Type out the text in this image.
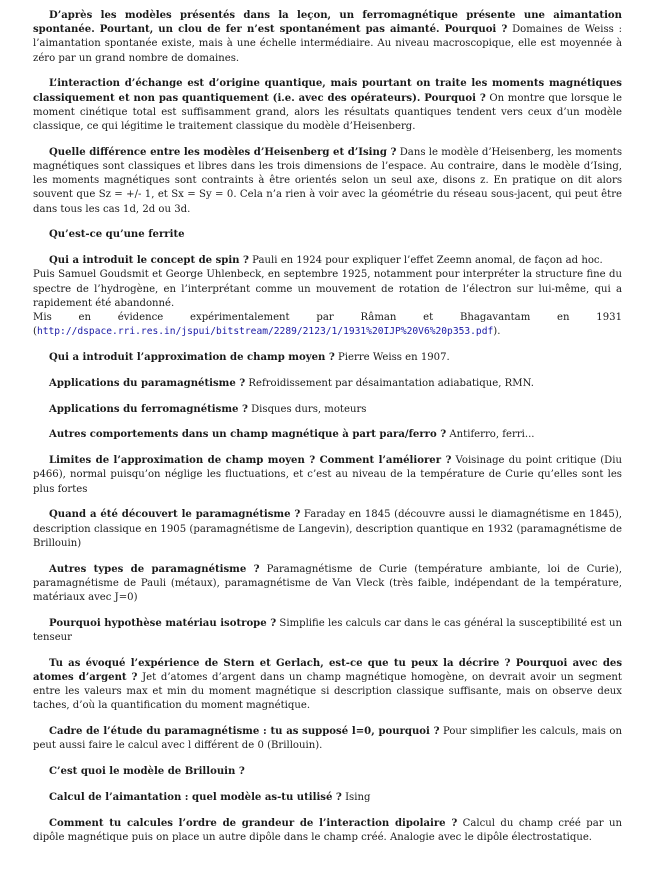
D’après les modèles présentés dans la leçon, un ferromagnétique présente une aimantation spontanée. Pourtant, un clou de fer n’est spontanément pas aimanté. Pourquoi ? Domaines de Weiss : l’aimantation spontanée existe, mais à une échelle intermédiaire. Au niveau macroscopique, elle est moyennée à zéro par un grand nombre de domaines.

L’interaction d’échange est d’origine quantique, mais pourtant on traite les moments magnétiques classiquement et non pas quantiquement (i.e. avec des opérateurs). Pourquoi ? On montre que lorsque le moment cinétique total est suffisamment grand, alors les résultats quantiques tendent vers ceux d’un modèle classique, ce qui légitime le traitement classique du modèle d’Heisenberg.

Quelle différence entre les modèles d’Heisenberg et d’Ising ? Dans le modèle d’Heisenberg, les moments magnétiques sont classiques et libres dans les trois dimensions de l’espace. Au contraire, dans le modèle d’Ising, les moments magnétiques sont contraints à être orientés selon un seul axe, disons z. En pratique on dit alors souvent que Sz = +/- 1, et Sx = Sy = 0. Cela n’a rien à voir avec la géométrie du réseau sous-jacent, qui peut être dans tous les cas 1d, 2d ou 3d.

Qu’est-ce qu’une ferrite

Qui a introduit le concept de spin ? Pauli en 1924 pour expliquer l’effet Zeemn anomal, de façon ad hoc.
Puis Samuel Goudsmit et George Uhlenbeck, en septembre 1925, notamment pour interpréter la structure fine du spectre de l’hydrogène, en l’interprétant comme un mouvement de rotation de l’électron sur lui-même, qui a rapidement été abandonné.
Mis en évidence expérimentalement par Râman et Bhagavantam en 1931 (http://dspace.rri.res.in/jspui/bitstream/2289/2123/1/1931%20IJP%20V6%20p353.pdf).

Qui a introduit l’approximation de champ moyen ? Pierre Weiss en 1907.

Applications du paramagnétisme ? Refroidissement par désaimantation adiabatique, RMN.

Applications du ferromagnétisme ? Disques durs, moteurs

Autres comportements dans un champ magnétique à part para/ferro ? Antiferro, ferri...

Limites de l’approximation de champ moyen ? Comment l’améliorer ? Voisinage du point critique (Diu p466), normal puisqu’on néglige les fluctuations, et c’est au niveau de la température de Curie qu’elles sont les plus fortes

Quand a été découvert le paramagnétisme ? Faraday en 1845 (découvre aussi le diamagnétisme en 1845), description classique en 1905 (paramagnétisme de Langevin), description quantique en 1932 (paramagnétisme de Brillouin)

Autres types de paramagnétisme ? Paramagnétisme de Curie (température ambiante, loi de Curie), paramagnétisme de Pauli (métaux), paramagnétisme de Van Vleck (très faible, indépendant de la température, matériaux avec J=0)

Pourquoi hypothèse matériau isotrope ? Simplifie les calculs car dans le cas général la susceptibilité est un tenseur

Tu as évoqué l’expérience de Stern et Gerlach, est-ce que tu peux la décrire ? Pourquoi avec des atomes d’argent ? Jet d’atomes d’argent dans un champ magnétique homogène, on devrait avoir un segment entre les valeurs max et min du moment magnétique si description classique suffisante, mais on observe deux taches, d’où la quantification du moment magnétique.

Cadre de l’étude du paramagnétisme : tu as supposé l=0, pourquoi ? Pour simplifier les calculs, mais on peut aussi faire le calcul avec l différent de 0 (Brillouin).

C’est quoi le modèle de Brillouin ?

Calcul de l’aimantation : quel modèle as-tu utilisé ? Ising

Comment tu calcules l’ordre de grandeur de l’interaction dipolaire ? Calcul du champ créé par un dipôle magnétique puis on place un autre dipôle dans le champ créé. Analogie avec le dipôle électrostatique.
